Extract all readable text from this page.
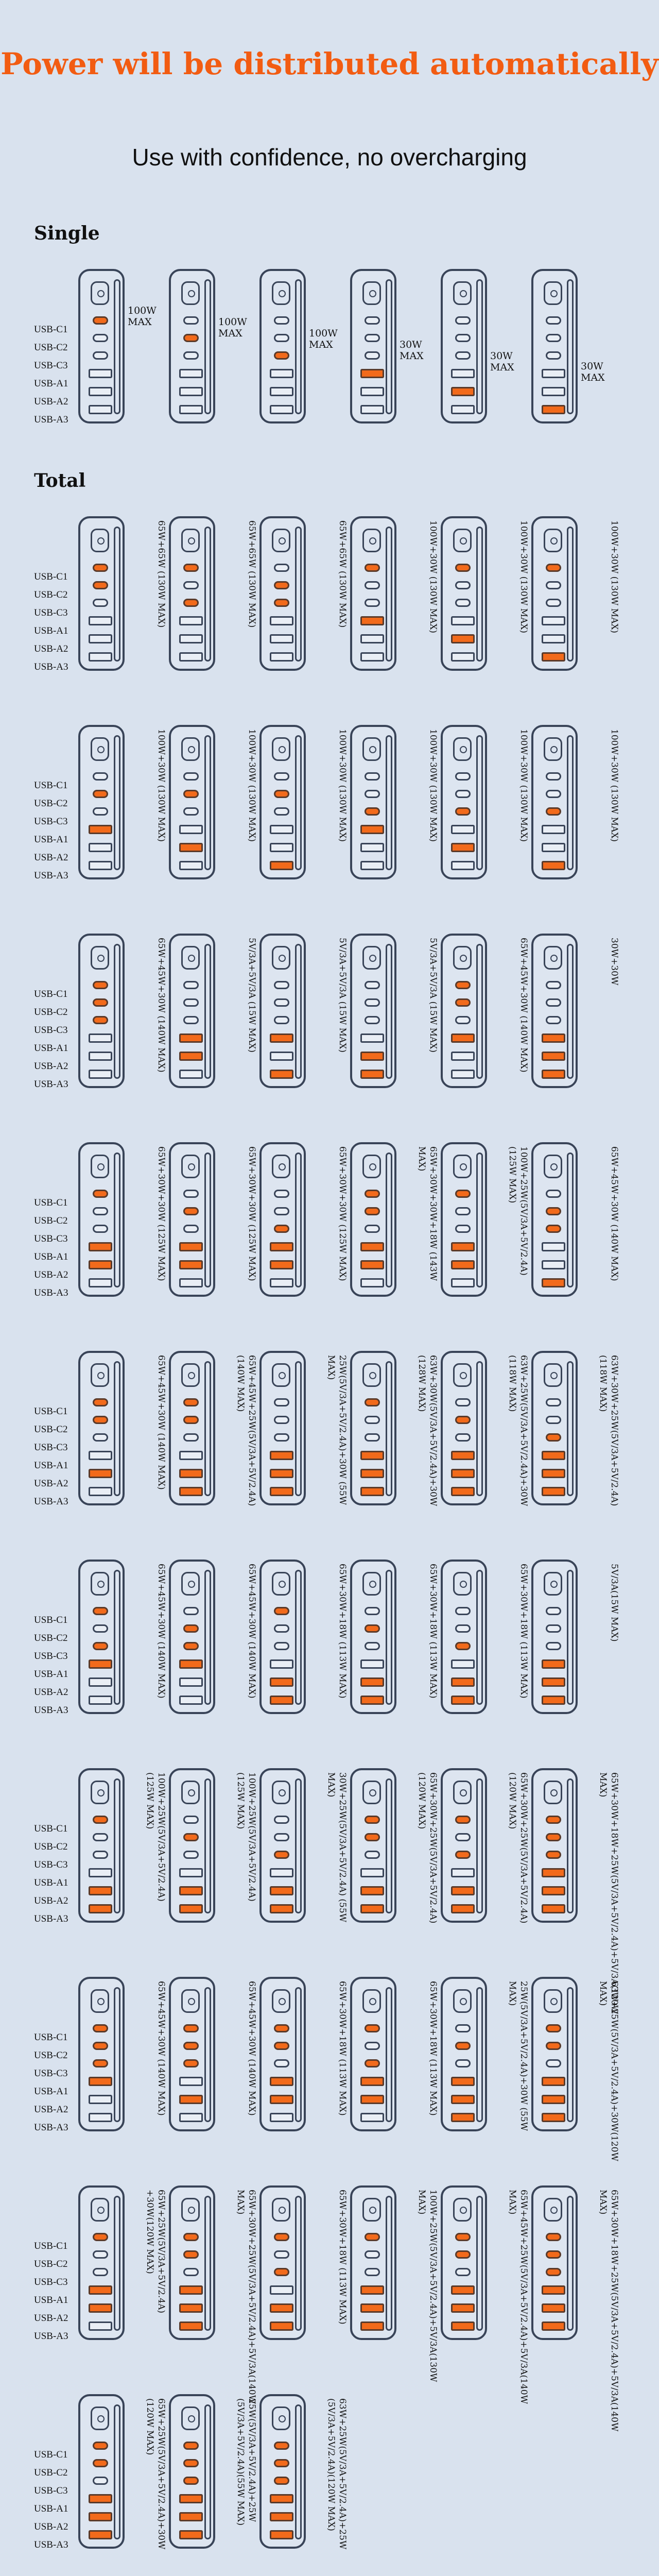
Power will be distributed automatically
Use with confidence, no overcharging
Single
USB-C1
USB-C2
USB-C3
USB-A1
USB-A2
USB-A3
100W MAX	100W MAX	100W MAX	30W MAX	30W MAX	30W MAX
Total
USB-C1
USB-C2
USB-C3
USB-A1
USB-A2
USB-A3
65W+65W (130W MAX)	65W+65W (130W MAX)	65W+65W (130W MAX)	100W+30W (130W MAX)	100W+30W (130W MAX)	100W+30W (130W MAX)
USB-C1
USB-C2
USB-C3
USB-A1
USB-A2
USB-A3
100W+30W (130W MAX)	100W+30W (130W MAX)	100W+30W (130W MAX)	100W+30W (130W MAX)	100W+30W (130W MAX)	100W+30W (130W MAX)
USB-C1
USB-C2
USB-C3
USB-A1
USB-A2
USB-A3
65W+45W+30W (140W MAX)	5V/3A+5V/3A (15W MAX)	5V/3A+5V/3A (15W MAX)	5V/3A+5V/3A (15W MAX)	65W+45W+30W (140W MAX)	30W+30W
USB-C1
USB-C2
USB-C3
USB-A1
USB-A2
USB-A3
65W+30W+30W (125W MAX)	65W+30W+30W (125W MAX)	65W+30W+30W (125W MAX)	65W+30W+30W+18W (143W MAX)	100W+25W(5V/3A+5V/2.4A) (125W MAX)	65W+45W+30W (140W MAX)
USB-C1
USB-C2
USB-C3
USB-A1
USB-A2
USB-A3
65W+45W+30W (140W MAX)	65W+45W+25W(5V/3A+5V/2.4A) (140W MAX)	25W(5V/3A+5V/2.4A)+30W (55W MAX)	63W+30W(5V/3A+5V/2.4A)+30W (128W MAX)	63W+25W(5V/3A+5V/2.4A)+30W (118W MAX)	63W+30W+25W(5V/3A+5V/2.4A) (118W MAX)
USB-C1
USB-C2
USB-C3
USB-A1
USB-A2
USB-A3
65W+45W+30W (140W MAX)	65W+45W+30W (140W MAX)	65W+30W+18W (113W MAX)	65W+30W+18W (113W MAX)	65W+30W+18W (113W MAX)	5V/3A(15W MAX)
USB-C1
USB-C2
USB-C3
USB-A1
USB-A2
USB-A3
100W+25W(5V/3A+5V/2.4A) (125W MAX)	100W+25W(5V/3A+5V/2.4A) (125W MAX)	30W+25W(5V/3A+5V/2.4A) (55W MAX)	65W+30W+25W(5V/3A+5V/2.4A) (120W MAX)	65W+30W+25W(5V/3A+5V/2.4A) (120W MAX)	65W+30W+18W+25W(5V/3A+5V/2.4A)+5V/3A(120W MAX)
USB-C1
USB-C2
USB-C3
USB-A1
USB-A2
USB-A3
65W+45W+30W (140W MAX)	65W+45W+30W (140W MAX)	65W+30W+18W (113W MAX)	65W+30W+18W (113W MAX)	25W(5V/3A+5V/2.4A)+30W (55W MAX)	63W+25W(5V/3A+5V/2.4A)+30W(120W MAX)
USB-C1
USB-C2
USB-C3
USB-A1
USB-A2
USB-A3
65W+25W(5V/3A+5V/2.4A) +30W(120W MAX)	65W+30W+25W(5V/3A+5V/2.4A)+5V/3A(140W MAX)	65W+30W+18W (113W MAX)	100W+25W(5V/3A+5V/2.4A)+5V/3A(130W MAX)	65W+45W+25W(5V/3A+5V/2.4A)+5V/3A(140W MAX)	65W+30W+18W+25W(5V/3A+5V/2.4A)+5V/3A(140W MAX)
USB-C1
USB-C2
USB-C3
USB-A1
USB-A2
USB-A3	65W+25W(5V/3A+5V/2.4A)+30W (120W MAX)	25W(5V/3A+5V/2.4A)+25W (5V/3A+5V/2.4A)(55W MAX)	63W+25W(5V/3A+5V/2.4A)+25W (5V/3A+5V/2.4A)(120W MAX)
